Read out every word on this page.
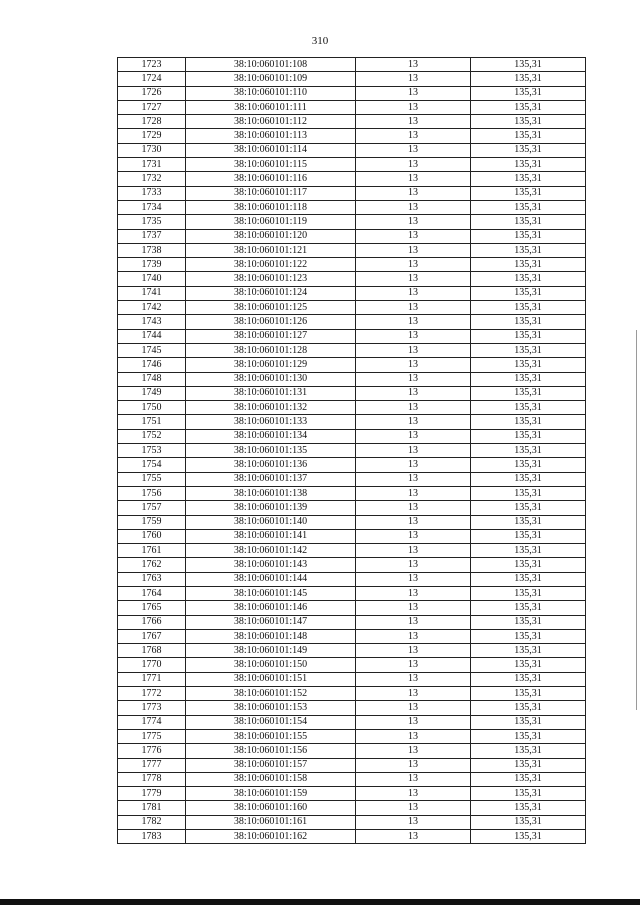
310
1723	38:10:060101:108	13	135,31
1724	38:10:060101:109	13	135,31
1726	38:10:060101:110	13	135,31
1727	38:10:060101:111	13	135,31
1728	38:10:060101:112	13	135,31
1729	38:10:060101:113	13	135,31
1730	38:10:060101:114	13	135,31
1731	38:10:060101:115	13	135,31
1732	38:10:060101:116	13	135,31
1733	38:10:060101:117	13	135,31
1734	38:10:060101:118	13	135,31
1735	38:10:060101:119	13	135,31
1737	38:10:060101:120	13	135,31
1738	38:10:060101:121	13	135,31
1739	38:10:060101:122	13	135,31
1740	38:10:060101:123	13	135,31
1741	38:10:060101:124	13	135,31
1742	38:10:060101:125	13	135,31
1743	38:10:060101:126	13	135,31
1744	38:10:060101:127	13	135,31
1745	38:10:060101:128	13	135,31
1746	38:10:060101:129	13	135,31
1748	38:10:060101:130	13	135,31
1749	38:10:060101:131	13	135,31
1750	38:10:060101:132	13	135,31
1751	38:10:060101:133	13	135,31
1752	38:10:060101:134	13	135,31
1753	38:10:060101:135	13	135,31
1754	38:10:060101:136	13	135,31
1755	38:10:060101:137	13	135,31
1756	38:10:060101:138	13	135,31
1757	38:10:060101:139	13	135,31
1759	38:10:060101:140	13	135,31
1760	38:10:060101:141	13	135,31
1761	38:10:060101:142	13	135,31
1762	38:10:060101:143	13	135,31
1763	38:10:060101:144	13	135,31
1764	38:10:060101:145	13	135,31
1765	38:10:060101:146	13	135,31
1766	38:10:060101:147	13	135,31
1767	38:10:060101:148	13	135,31
1768	38:10:060101:149	13	135,31
1770	38:10:060101:150	13	135,31
1771	38:10:060101:151	13	135,31
1772	38:10:060101:152	13	135,31
1773	38:10:060101:153	13	135,31
1774	38:10:060101:154	13	135,31
1775	38:10:060101:155	13	135,31
1776	38:10:060101:156	13	135,31
1777	38:10:060101:157	13	135,31
1778	38:10:060101:158	13	135,31
1779	38:10:060101:159	13	135,31
1781	38:10:060101:160	13	135,31
1782	38:10:060101:161	13	135,31
1783	38:10:060101:162	13	135,31
